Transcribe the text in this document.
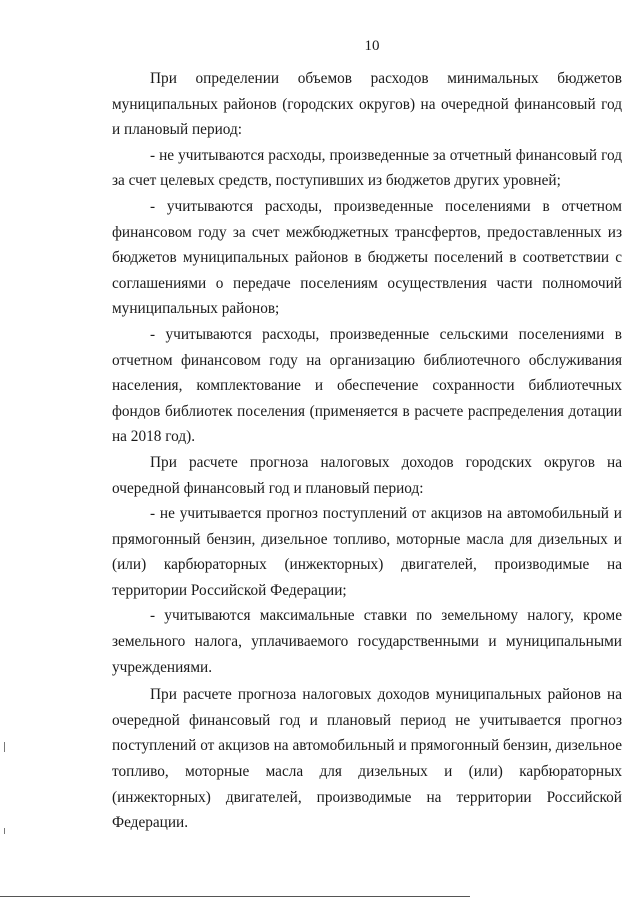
10

При определении объемов расходов минимальных бюджетов муниципальных районов (городских округов) на очередной финансовый год и плановый период:

- не учитываются расходы, произведенные за отчетный финансовый год за счет целевых средств, поступивших из бюджетов других уровней;

- учитываются расходы, произведенные поселениями в отчетном финансовом году за счет межбюджетных трансфертов, предоставленных из бюджетов муниципальных районов в бюджеты поселений в соответствии с соглашениями о передаче поселениям осуществления части полномочий муниципальных районов;

- учитываются расходы, произведенные сельскими поселениями в отчетном финансовом году на организацию библиотечного обслуживания населения, комплектование и обеспечение сохранности библиотечных фондов библиотек поселения (применяется в расчете распределения дотации на 2018 год).

При расчете прогноза налоговых доходов городских округов на очередной финансовый год и плановый период:

- не учитывается прогноз поступлений от акцизов на автомобильный и прямогонный бензин, дизельное топливо, моторные масла для дизельных и (или) карбюраторных (инжекторных) двигателей, производимые на территории Российской Федерации;

- учитываются максимальные ставки по земельному налогу, кроме земельного налога, уплачиваемого государственными и муниципальными учреждениями.

При расчете прогноза налоговых доходов муниципальных районов на очередной финансовый год и плановый период не учитывается прогноз поступлений от акцизов на автомобильный и прямогонный бензин, дизельное топливо, моторные масла для дизельных и (или) карбюраторных (инжекторных) двигателей, производимые на территории Российской Федерации.
